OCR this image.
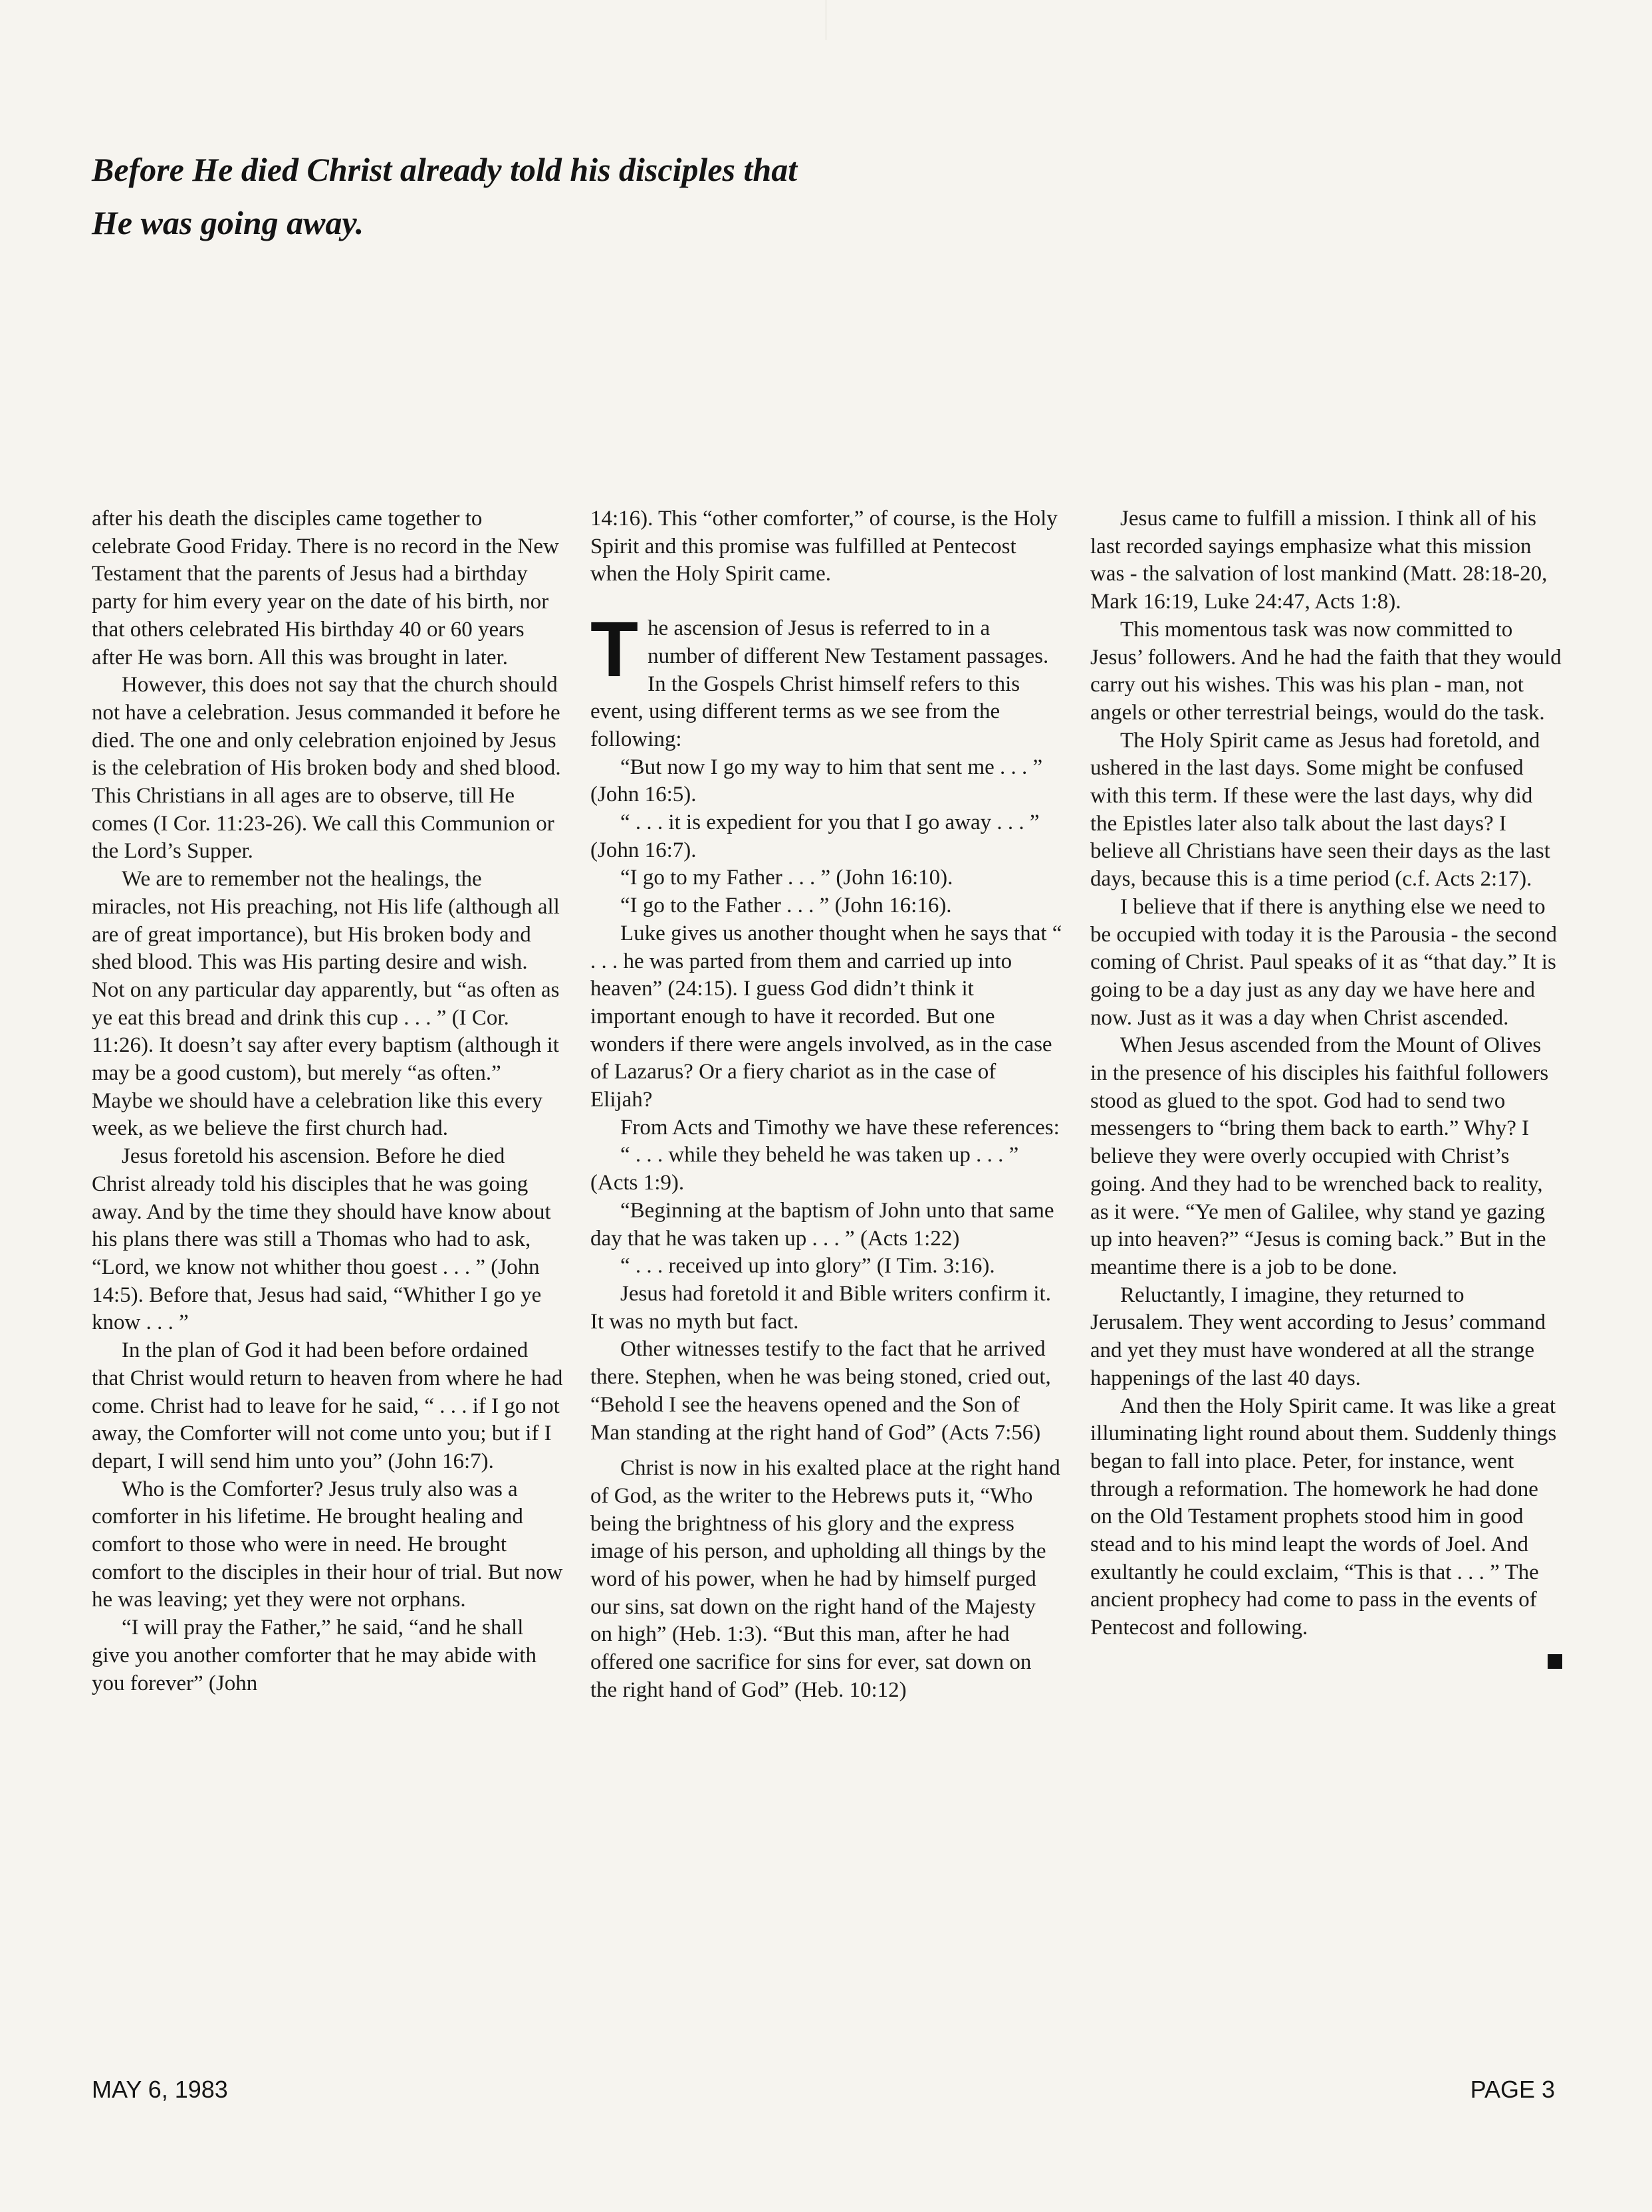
Before He died Christ already told his disciples that
He was going away.

after his death the disciples came together to celebrate Good Friday. There is no record in the New Testament that the parents of Jesus had a birthday party for him every year on the date of his birth, nor that others celebrated His birthday 40 or 60 years after He was born. All this was brought in later.

However, this does not say that the church should not have a celebration. Jesus commanded it before he died. The one and only celebration enjoined by Jesus is the celebration of His broken body and shed blood. This Christians in all ages are to observe, till He comes (I Cor. 11:23-26). We call this Communion or the Lord’s Supper.

We are to remember not the healings, the miracles, not His preaching, not His life (although all are of great importance), but His broken body and shed blood. This was His parting desire and wish. Not on any particular day apparently, but “as often as ye eat this bread and drink this cup . . . ” (I Cor. 11:26). It doesn’t say after every baptism (although it may be a good custom), but merely “as often.” Maybe we should have a celebration like this every week, as we believe the first church had.

Jesus foretold his ascension. Before he died Christ already told his disciples that he was going away. And by the time they should have know about his plans there was still a Thomas who had to ask, “Lord, we know not whither thou goest . . . ” (John 14:5). Before that, Jesus had said, “Whither I go ye know . . . ”

In the plan of God it had been before ordained that Christ would return to heaven from where he had come. Christ had to leave for he said, “ . . . if I go not away, the Comforter will not come unto you; but if I depart, I will send him unto you” (John 16:7).

Who is the Comforter? Jesus truly also was a comforter in his lifetime. He brought healing and comfort to those who were in need. He brought comfort to the disciples in their hour of trial. But now he was leaving; yet they were not orphans.

“I will pray the Father,” he said, “and he shall give you another comforter that he may abide with you forever” (John

14:16). This “other comforter,” of course, is the Holy Spirit and this promise was fulfilled at Pentecost when the Holy Spirit came.

The ascension of Jesus is referred to in a number of different New Testament passages. In the Gospels Christ himself refers to this event, using different terms as we see from the following:

“But now I go my way to him that sent me . . . ” (John 16:5).

“ . . . it is expedient for you that I go away . . . ” (John 16:7).

“I go to my Father . . . ” (John 16:10).

“I go to the Father . . . ” (John 16:16).

Luke gives us another thought when he says that “ . . . he was parted from them and carried up into heaven” (24:15). I guess God didn’t think it important enough to have it recorded. But one wonders if there were angels involved, as in the case of Lazarus? Or a fiery chariot as in the case of Elijah?

From Acts and Timothy we have these references:

“ . . . while they beheld he was taken up . . . ” (Acts 1:9).

“Beginning at the baptism of John unto that same day that he was taken up . . . ” (Acts 1:22)

“ . . . received up into glory” (I Tim. 3:16).

Jesus had foretold it and Bible writers confirm it. It was no myth but fact.

Other witnesses testify to the fact that he arrived there. Stephen, when he was being stoned, cried out, “Behold I see the heavens opened and the Son of Man standing at the right hand of God” (Acts 7:56)

Christ is now in his exalted place at the right hand of God, as the writer to the Hebrews puts it, “Who being the brightness of his glory and the express image of his person, and upholding all things by the word of his power, when he had by himself purged our sins, sat down on the right hand of the Majesty on high” (Heb. 1:3). “But this man, after he had offered one sacrifice for sins for ever, sat down on the right hand of God” (Heb. 10:12)

Jesus came to fulfill a mission. I think all of his last recorded sayings emphasize what this mission was - the salvation of lost mankind (Matt. 28:18-20, Mark 16:19, Luke 24:47, Acts 1:8).

This momentous task was now committed to Jesus’ followers. And he had the faith that they would carry out his wishes. This was his plan - man, not angels or other terrestrial beings, would do the task.

The Holy Spirit came as Jesus had foretold, and ushered in the last days. Some might be confused with this term. If these were the last days, why did the Epistles later also talk about the last days? I believe all Christians have seen their days as the last days, because this is a time period (c.f. Acts 2:17).

I believe that if there is anything else we need to be occupied with today it is the Parousia - the second coming of Christ. Paul speaks of it as “that day.” It is going to be a day just as any day we have here and now. Just as it was a day when Christ ascended.

When Jesus ascended from the Mount of Olives in the presence of his disciples his faithful followers stood as glued to the spot. God had to send two messengers to “bring them back to earth.” Why? I believe they were overly occupied with Christ’s going. And they had to be wrenched back to reality, as it were. “Ye men of Galilee, why stand ye gazing up into heaven?” “Jesus is coming back.” But in the meantime there is a job to be done.

Reluctantly, I imagine, they returned to Jerusalem. They went according to Jesus’ command and yet they must have wondered at all the strange happenings of the last 40 days.

And then the Holy Spirit came. It was like a great illuminating light round about them. Suddenly things began to fall into place. Peter, for instance, went through a reformation. The homework he had done on the Old Testament prophets stood him in good stead and to his mind leapt the words of Joel. And exultantly he could exclaim, “This is that . . . ” The ancient prophecy had come to pass in the events of Pentecost and following.

MAY 6, 1983	PAGE 3
